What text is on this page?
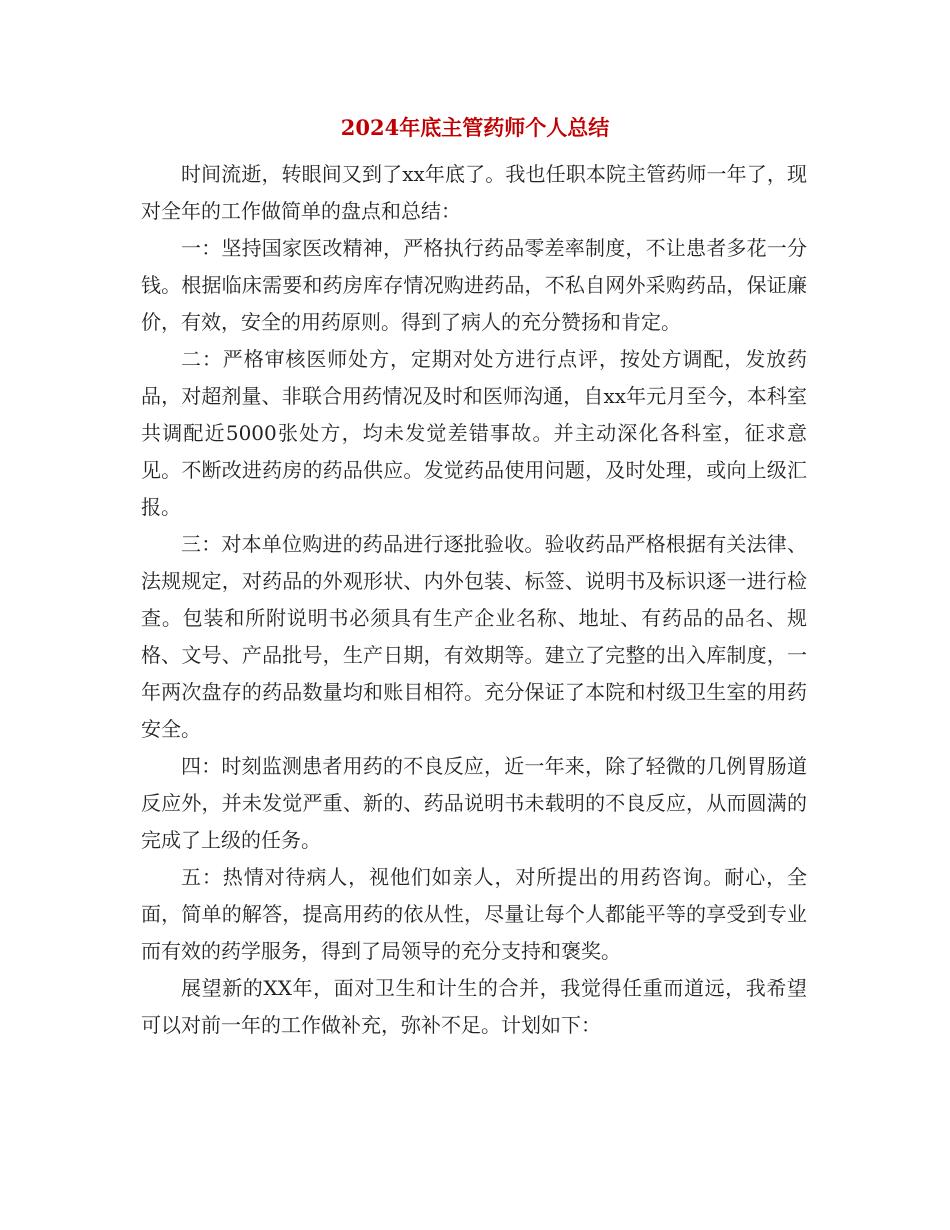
2024年底主管药师个人总结

时间流逝，转眼间又到了xx年底了。我也任职本院主管药师一年了，现对全年的工作做简单的盘点和总结：

一：坚持国家医改精神，严格执行药品零差率制度，不让患者多花一分钱。根据临床需要和药房库存情况购进药品，不私自网外采购药品，保证廉价，有效，安全的用药原则。得到了病人的充分赞扬和肯定。

二：严格审核医师处方，定期对处方进行点评，按处方调配，发放药品，对超剂量、非联合用药情况及时和医师沟通，自xx年元月至今，本科室共调配近5000张处方，均未发觉差错事故。并主动深化各科室，征求意见。不断改进药房的药品供应。发觉药品使用问题，及时处理，或向上级汇报。

三：对本单位购进的药品进行逐批验收。验收药品严格根据有关法律、法规规定，对药品的外观形状、内外包装、标签、说明书及标识逐一进行检查。包装和所附说明书必须具有生产企业名称、地址、有药品的品名、规格、文号、产品批号，生产日期，有效期等。建立了完整的出入库制度，一年两次盘存的药品数量均和账目相符。充分保证了本院和村级卫生室的用药安全。

四：时刻监测患者用药的不良反应，近一年来，除了轻微的几例胃肠道反应外，并未发觉严重、新的、药品说明书未载明的不良反应，从而圆满的完成了上级的任务。

五：热情对待病人，视他们如亲人，对所提出的用药咨询。耐心，全面，简单的解答，提高用药的依从性，尽量让每个人都能平等的享受到专业而有效的药学服务，得到了局领导的充分支持和褒奖。

展望新的XX年，面对卫生和计生的合并，我觉得任重而道远，我希望可以对前一年的工作做补充，弥补不足。计划如下：
